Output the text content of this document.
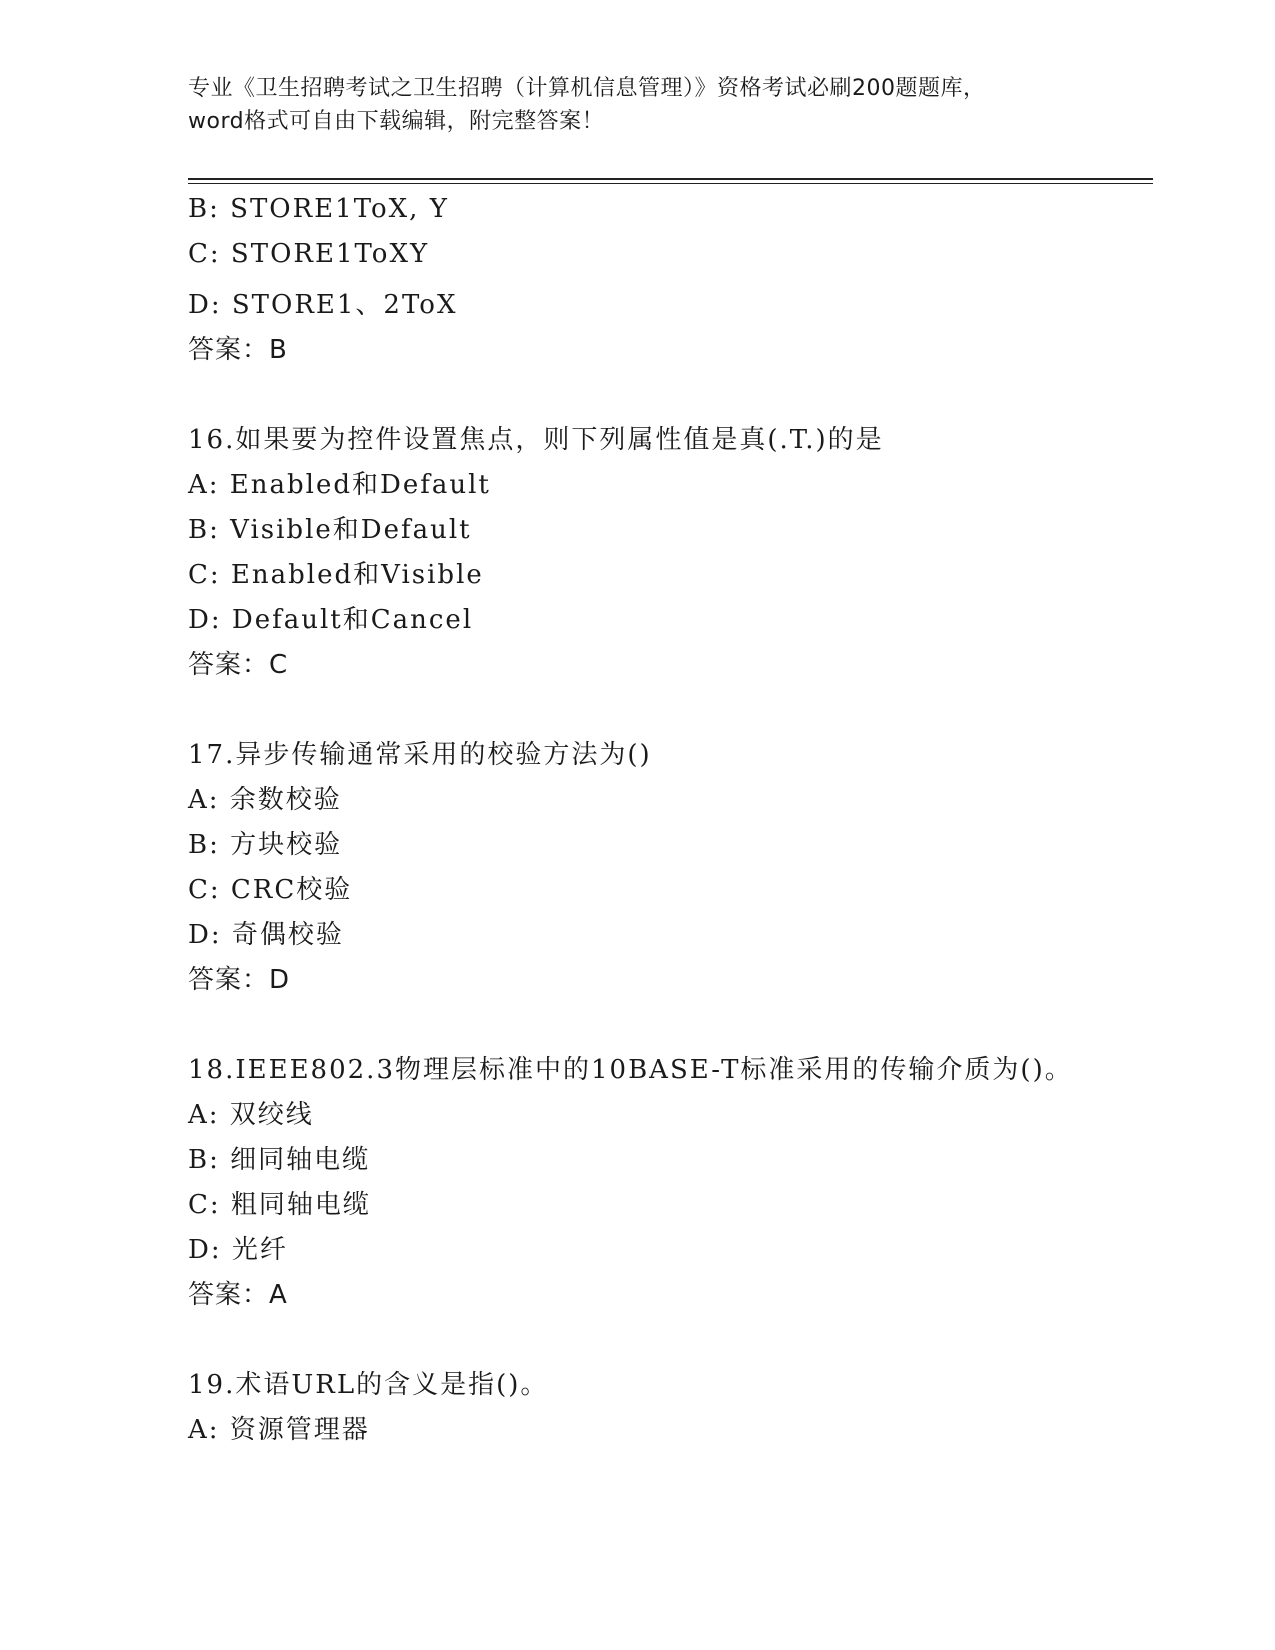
专业《卫生招聘考试之卫生招聘（计算机信息管理）》资格考试必刷200题题库，
word格式可自由下载编辑，附完整答案！
B: STORE1ToX, Y
C: STORE1ToXY
D: STORE1、2ToX
答案：B
16.如果要为控件设置焦点，则下列属性值是真(.T.)的是
A: Enabled和Default
B: Visible和Default
C: Enabled和Visible
D: Default和Cancel
答案：C
17.异步传输通常采用的校验方法为()
A: 余数校验
B: 方块校验
C: CRC校验
D: 奇偶校验
答案：D
18.IEEE802.3物理层标准中的10BASE-T标准采用的传输介质为()。
A: 双绞线
B: 细同轴电缆
C: 粗同轴电缆
D: 光纤
答案：A
19.术语URL的含义是指()。
A: 资源管理器
